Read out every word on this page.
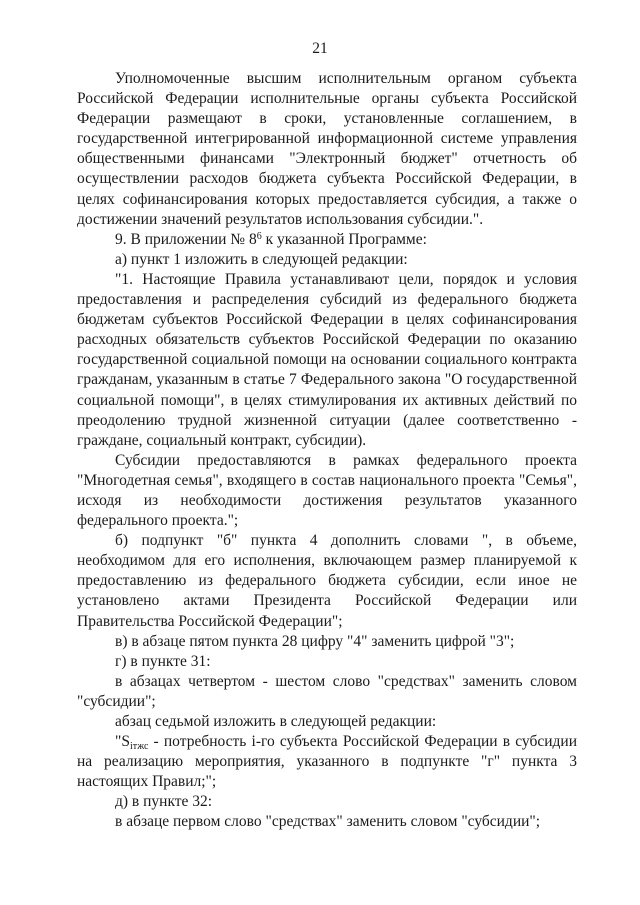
21

Уполномоченные высшим исполнительным органом субъекта Российской Федерации исполнительные органы субъекта Российской Федерации размещают в сроки, установленные соглашением, в государственной интегрированной информационной системе управления общественными финансами "Электронный бюджет" отчетность об осуществлении расходов бюджета субъекта Российской Федерации, в целях софинансирования которых предоставляется субсидия, а также о достижении значений результатов использования субсидии.".

9. В приложении № $8^6$ к указанной Программе:

а) пункт 1 изложить в следующей редакции:

"1. Настоящие Правила устанавливают цели, порядок и условия предоставления и распределения субсидий из федерального бюджета бюджетам субъектов Российской Федерации в целях софинансирования расходных обязательств субъектов Российской Федерации по оказанию государственной социальной помощи на основании социального контракта гражданам, указанным в статье 7 Федерального закона "О государственной социальной помощи", в целях стимулирования их активных действий по преодолению трудной жизненной ситуации (далее соответственно - граждане, социальный контракт, субсидии).

Субсидии предоставляются в рамках федерального проекта "Многодетная семья", входящего в состав национального проекта "Семья", исходя из необходимости достижения результатов указанного федерального проекта.";

б) подпункт "б" пункта 4 дополнить словами ", в объеме, необходимом для его исполнения, включающем размер планируемой к предоставлению из федерального бюджета субсидии, если иное не установлено актами Президента Российской Федерации или Правительства Российской Федерации";

в) в абзаце пятом пункта 28 цифру "4" заменить цифрой "3";

г) в пункте 31:

в абзацах четвертом - шестом слово "средствах" заменить словом "субсидии";

абзац седьмой изложить в следующей редакции:

"$S_{iтжс}$ - потребность i-го субъекта Российской Федерации в субсидии на реализацию мероприятия, указанного в подпункте "г" пункта 3 настоящих Правил;";

д) в пункте 32:

в абзаце первом слово "средствах" заменить словом "субсидии";
